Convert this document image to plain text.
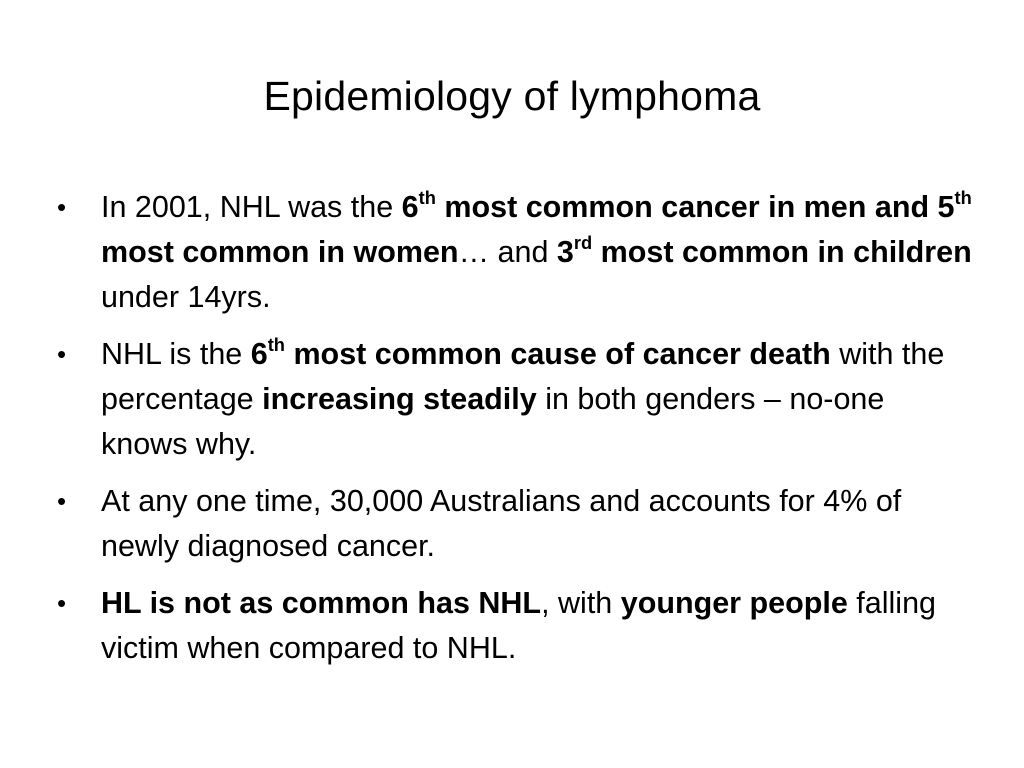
Epidemiology of lymphoma
•	In 2001, NHL was the 6th most common cancer in men and 5th most common in women… and 3rd most common in children under 14yrs.
•	NHL is the 6th most common cause of cancer death with the percentage increasing steadily in both genders – no-one knows why.
•	At any one time, 30,000 Australians and accounts for 4% of newly diagnosed cancer.
•	HL is not as common has NHL, with younger people falling victim when compared to NHL.
